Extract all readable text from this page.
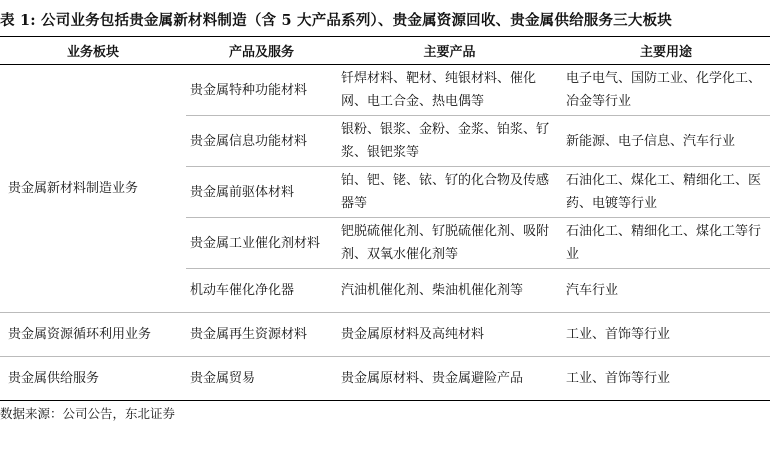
表 1: 公司业务包括贵金属新材料制造（含 5 大产品系列）、贵金属资源回收、贵金属供给服务三大板块
业务板块	产品及服务	主要产品	主要用途
贵金属新材料制造业务	贵金属特种功能材料	钎焊材料、靶材、纯银材料、催化网、电工合金、热电偶等	电子电气、国防工业、化学化工、冶金等行业
	贵金属信息功能材料	银粉、银浆、金粉、金浆、铂浆、钌浆、银钯浆等	新能源、电子信息、汽车行业
	贵金属前驱体材料	铂、钯、铑、铱、钌的化合物及传感器等	石油化工、煤化工、精细化工、医药、电镀等行业
	贵金属工业催化剂材料	钯脱硫催化剂、钌脱硫催化剂、吸附剂、双氧水催化剂等	石油化工、精细化工、煤化工等行业
	机动车催化净化器	汽油机催化剂、柴油机催化剂等	汽车行业
贵金属资源循环利用业务	贵金属再生资源材料	贵金属原材料及高纯材料	工业、首饰等行业
贵金属供给服务	贵金属贸易	贵金属原材料、贵金属避险产品	工业、首饰等行业
数据来源：公司公告，东北证券
